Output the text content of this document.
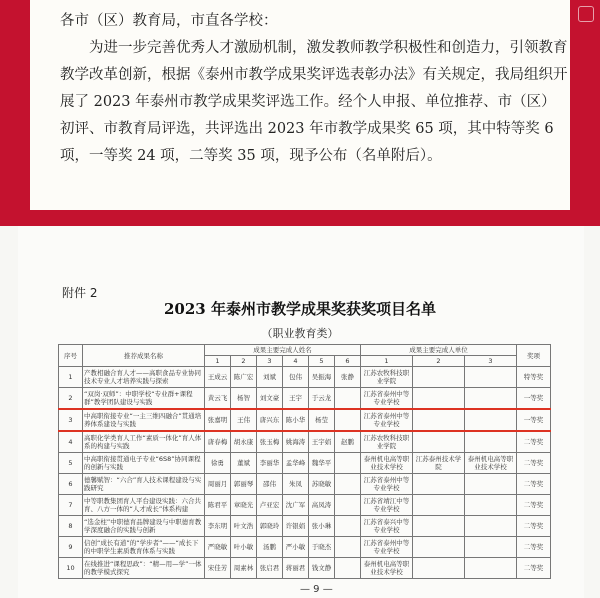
各市（区）教育局，市直各学校：

为进一步完善优秀人才激励机制，激发教师教学积极性和创造力，引领教育教学改革创新，根据《泰州市教学成果奖评选表彰办法》有关规定，我局组织开展了 2023 年泰州市教学成果奖评选工作。经个人申报、单位推荐、市（区）初评、市教育局评选，共评选出 2023 年市教学成果奖 65 项，其中特等奖 6 项，一等奖 24 项，二等奖 35 项，现予公布（名单附后）。

附件 2
2023 年泰州市教学成果奖获奖项目名单
（职业教育类）
序号	推荐成果名称	成果主要完成人姓名						成果主要完成人单位			奖项
		1	2	3	4	5	6	1	2	3	
1	产教相融合育人才——高职食品专业协同技术专业人才培养实践与探索	王成云	陈广宏	刘斌	包伟	吴振海	张静	江苏农牧科技职业学院			特等奖
2	“双岗·双师”：中职学校“专业群+课程群”教学团队建设与实践	黄云飞	杨智	刘文豪	王宇	于云龙		江苏省泰州中等专业学校			一等奖
3	中高职衔接专业“一主三维四融合”贯通培养体系建设与实践	张嘉明	王伟	唐兴东	陈小华	杨莹		江苏省泰州中等专业学校			一等奖
4	高职化学类育人工作“素质一体化”育人体系的构建与实践	唐春梅	胡永康	张玉梅	姚海涛	王宇娟	赵鹏	江苏农牧科技职业学院			二等奖
5	中高职衔接贯通电子专业“6S8”协同课程的创新与实践	徐勇	董斌	李丽华	孟华峰	魏华平		泰州机电高等职业技术学校	江苏泰州技术学院	泰州机电高等职业技术学校	二等奖
6	德馨赋智：“六合”育人技术课程建设与实践研究	周丽月	郭丽琴	邵伟	朱凤	苏晓敏		江苏省泰州中等专业学校			二等奖
7	中等职教集团育人平台建设实践：六合共育、八方一体的“人才成长”体系构建	陈君平	章晓光	卢亚宏	沈广军	高凤涛		江苏省靖江中等专业学校			二等奖
8	“选金柱”中职德育品牌建设与中职德育教学深度融合的实践与创新	李东明	叶文浩	郭晓玲	许银娟	张小琳		江苏省泰兴中等专业学校			二等奖
9	信创“成长有道”的“学步者”——“成长下的中职学生素质教育体系与实践	严晓敏	叶小敏	汤鹏	严小敏	于晓杰		江苏省泰州中等专业学校			二等奖
10	在线推进“课程思政”：“精—用—学”一体的教学模式探究	宋佳芳	周素林	张启君	蒋丽君	钱文静		泰州机电高等职业技术学校			二等奖
— 9 —
